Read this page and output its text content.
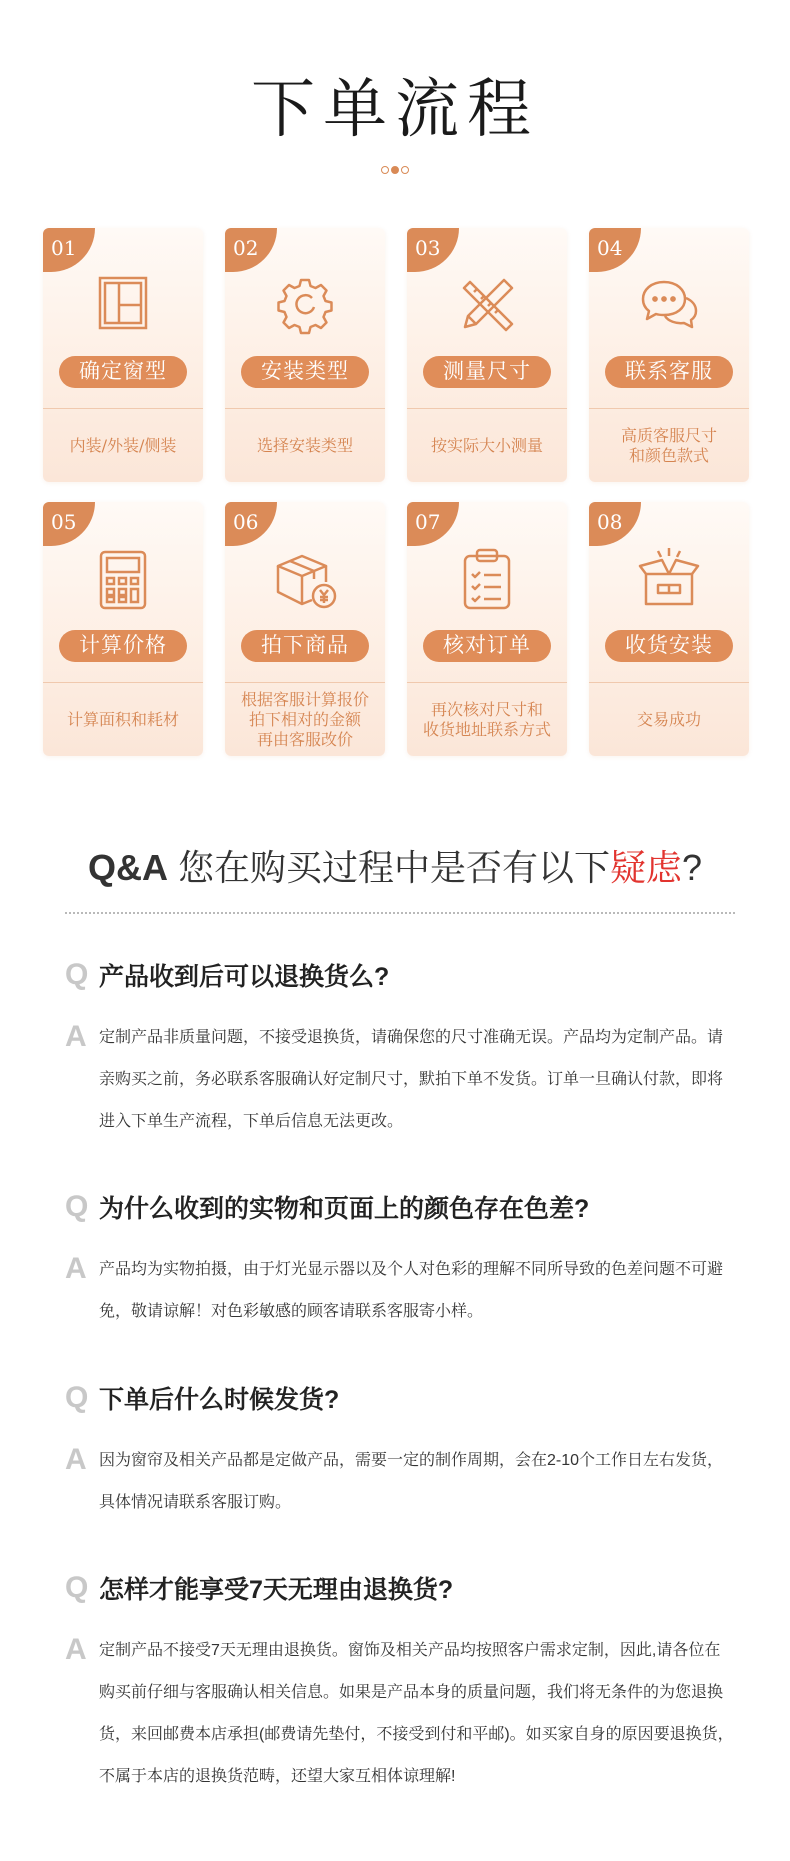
下单流程
01
确定窗型
内装/外装/侧装
02
安装类型
选择安装类型
03
测量尺寸
按实际大小测量
04
联系客服
高质客服尺寸
和颜色款式
05
计算价格
计算面积和耗材
06
拍下商品
根据客服计算报价
拍下相对的金额
再由客服改价
07
核对订单
再次核对尺寸和
收货地址联系方式
08
收货安装
交易成功
Q&A 您在购买过程中是否有以下疑虑?
Q 产品收到后可以退换货么?
A 定制产品非质量问题，不接受退换货，请确保您的尺寸准确无误。产品均为定制产品。请亲购买之前，务必联系客服确认好定制尺寸，默拍下单不发货。订单一旦确认付款，即将进入下单生产流程，下单后信息无法更改。
Q 为什么收到的实物和页面上的颜色存在色差?
A 产品均为实物拍摄，由于灯光显示器以及个人对色彩的理解不同所导致的色差问题不可避免，敬请谅解！对色彩敏感的顾客请联系客服寄小样。
Q 下单后什么时候发货?
A 因为窗帘及相关产品都是定做产品，需要一定的制作周期，会在2-10个工作日左右发货，具体情况请联系客服订购。
Q 怎样才能享受7天无理由退换货?
A 定制产品不接受7天无理由退换货。窗饰及相关产品均按照客户需求定制，因此,请各位在购买前仔细与客服确认相关信息。如果是产品本身的质量问题，我们将无条件的为您退换货，来回邮费本店承担(邮费请先垫付，不接受到付和平邮)。如买家自身的原因要退换货，不属于本店的退换货范畴，还望大家互相体谅理解!
